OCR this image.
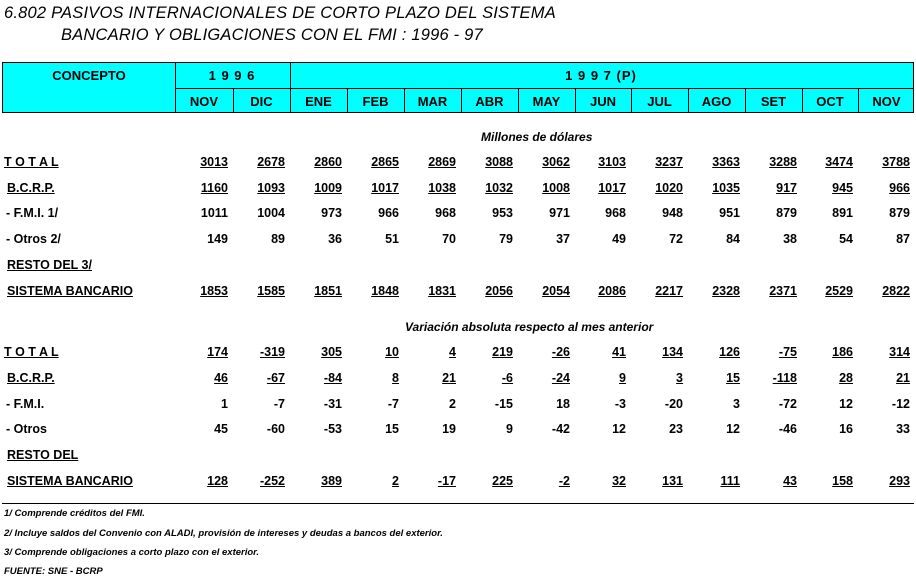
6.802 PASIVOS INTERNACIONALES DE CORTO PLAZO DEL SISTEMA
BANCARIO Y OBLIGACIONES CON EL FMI : 1996 - 97
CONCEPTO	1 9 9 6	1 9 9 7 (P)
NOV	DIC	ENE	FEB	MAR	ABR	MAY	JUN	JUL	AGO	SET	OCT	NOV
Millones de dólares
T O T A L	3013	2678	2860	2865	2869	3088	3062	3103	3237	3363	3288	3474	3788
B.C.R.P.	1160	1093	1009	1017	1038	1032	1008	1017	1020	1035	917	945	966
- F.M.I. 1/	1011	1004	973	966	968	953	971	968	948	951	879	891	879
- Otros 2/	149	89	36	51	70	79	37	49	72	84	38	54	87
RESTO DEL 3/
SISTEMA BANCARIO	1853	1585	1851	1848	1831	2056	2054	2086	2217	2328	2371	2529	2822
Variación absoluta respecto al mes anterior
T O T A L	174	-319	305	10	4	219	-26	41	134	126	-75	186	314
B.C.R.P.	46	-67	-84	8	21	-6	-24	9	3	15	-118	28	21
- F.M.I.	1	-7	-31	-7	2	-15	18	-3	-20	3	-72	12	-12
- Otros	45	-60	-53	15	19	9	-42	12	23	12	-46	16	33
RESTO DEL
SISTEMA BANCARIO	128	-252	389	2	-17	225	-2	32	131	111	43	158	293
1/ Comprende créditos del FMI.
2/ Incluye saldos del Convenio con ALADI, provisión de intereses y deudas a bancos del exterior.
3/ Comprende obligaciones a corto plazo con el exterior.
FUENTE: SNE - BCRP
